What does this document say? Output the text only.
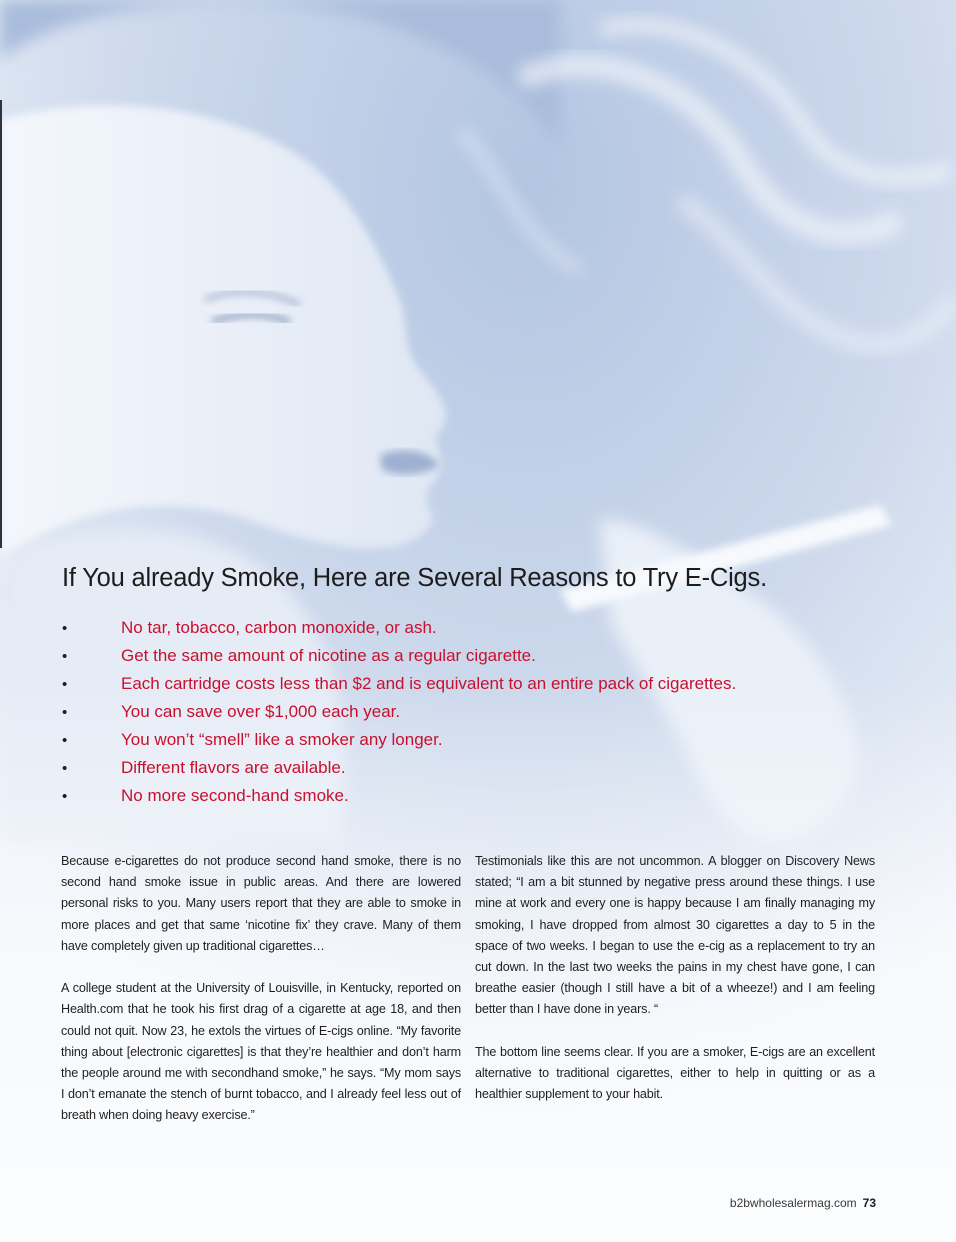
If You already Smoke, Here are Several Reasons to Try E-Cigs.
•	No tar, tobacco, carbon monoxide, or ash.
•	Get the same amount of nicotine as a regular cigarette.
•	Each cartridge costs less than $2 and is equivalent to an entire pack of cigarettes.
•	You can save over $1,000 each year.
•	You won’t “smell” like a smoker any longer.
•	Different flavors are available.
•	No more second-hand smoke.

Because e-cigarettes do not produce second hand smoke, there is no second hand smoke issue in public areas. And there are lowered personal risks to you. Many users report that they are able to smoke in more places and get that same ‘nicotine fix’ they crave. Many of them have completely given up traditional cigarettes…

A college student at the University of Louisville, in Kentucky, reported on Health.com that he took his first drag of a cigarette at age 18, and then could not quit. Now 23, he extols the virtues of E-cigs online. “My favorite thing about [electronic cigarettes] is that they’re healthier and don’t harm the people around me with secondhand smoke,” he says. “My mom says I don’t emanate the stench of burnt tobacco, and I already feel less out of breath when doing heavy exercise.”

Testimonials like this are not uncommon. A blogger on Discovery News stated; “I am a bit stunned by negative press around these things. I use mine at work and every one is happy because I am finally managing my smoking, I have dropped from almost 30 cigarettes a day to 5 in the space of two weeks. I began to use the e-cig as a replacement to try an cut down. In the last two weeks the pains in my chest have gone, I can breathe easier (though I still have a bit of a wheeze!) and I am feeling better than I have done in years. “

The bottom line seems clear. If you are a smoker, E-cigs are an excellent alternative to traditional cigarettes, either to help in quitting or as a healthier supplement to your habit.

b2bwholesalermag.com 73
